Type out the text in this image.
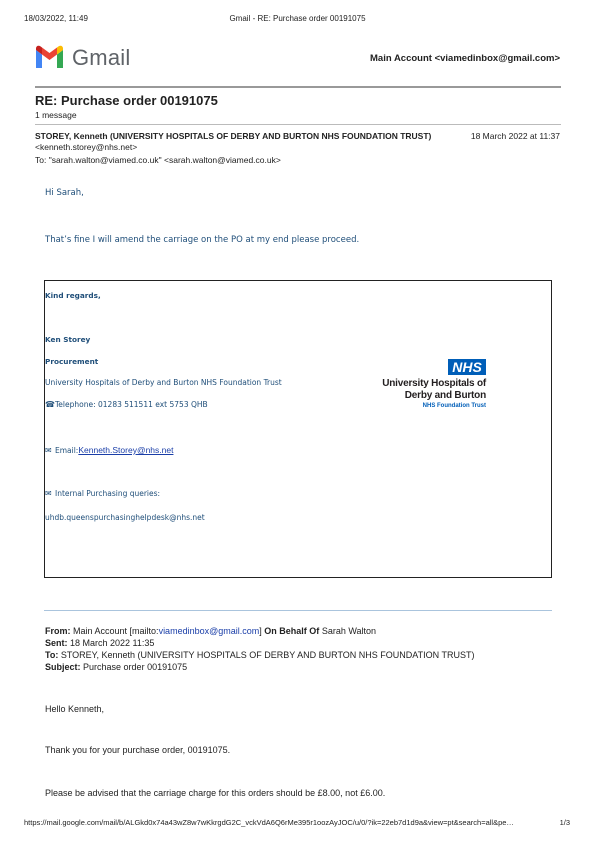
18/03/2022, 11:49	Gmail - RE: Purchase order 00191075
Gmail	Main Account <viamedinbox@gmail.com>
RE: Purchase order 00191075
1 message
STOREY, Kenneth (UNIVERSITY HOSPITALS OF DERBY AND BURTON NHS FOUNDATION TRUST) <kenneth.storey@nhs.net>
18 March 2022 at 11:37
To: "sarah.walton@viamed.co.uk" <sarah.walton@viamed.co.uk>
Hi Sarah,
That’s fine I will amend the carriage on the PO at my end please proceed.
Kind regards,
Ken Storey
Procurement
University Hospitals of Derby and Burton NHS Foundation Trust
☎Telephone: 01283 511511 ext 5753 QHB
✉ Email:Kenneth.Storey@nhs.net
✉ Internal Purchasing queries:
uhdb.queenspurchasinghelpdesk@nhs.net
NHS
University Hospitals of
Derby and Burton
NHS Foundation Trust
From: Main Account [mailto:viamedinbox@gmail.com] On Behalf Of Sarah Walton
Sent: 18 March 2022 11:35
To: STOREY, Kenneth (UNIVERSITY HOSPITALS OF DERBY AND BURTON NHS FOUNDATION TRUST)
Subject: Purchase order 00191075
Hello Kenneth,
Thank you for your purchase order, 00191075.
Please be advised that the carriage charge for this orders should be £8.00, not £6.00.
https://mail.google.com/mail/b/ALGkd0x74a43wZ8w7wKkrgdG2C_vckVdA6Q6rMe395r1oozAyJOC/u/0/?ik=22eb7d1d9a&view=pt&search=all&pe…	1/3
